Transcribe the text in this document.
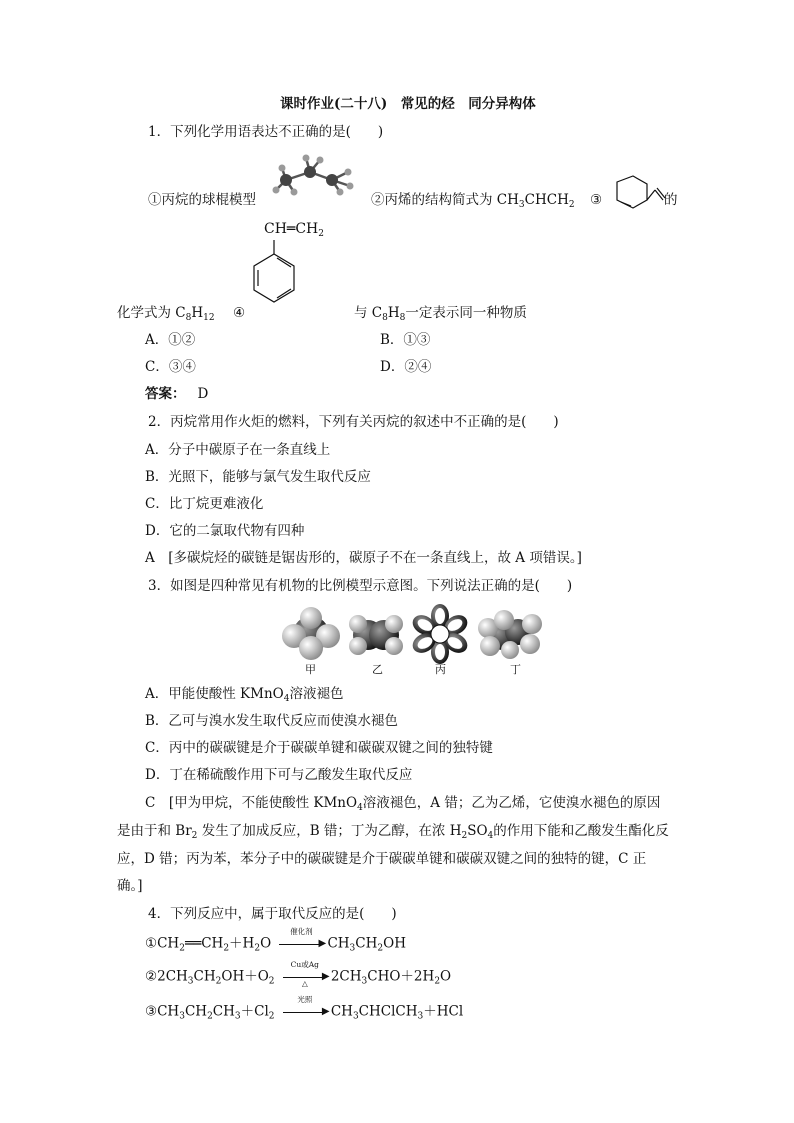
课时作业(二十八)　常见的烃　同分异构体
1．下列化学用语表达不正确的是(　　)
①丙烷的球棍模型	②丙烯的结构简式为 $CH_3CHCH_2$ ③	的
$CH═CH_2$
化学式为 $C_8H_{12}$ ④	与 $C_8H_8$一定表示同一种物质
A．①②	B．①③
C．③④	D．②④
答案： D
2．丙烷常用作火炬的燃料，下列有关丙烷的叙述中不正确的是(　　)
A．分子中碳原子在一条直线上
B．光照下，能够与氯气发生取代反应
C．比丁烷更难液化
D．它的二氯取代物有四种
A　[多碳烷烃的碳链是锯齿形的，碳原子不在一条直线上，故 A 项错误。]
3．如图是四种常见有机物的比例模型示意图。下列说法正确的是(　　)
甲	乙	丙	丁
A．甲能使酸性 KMnO$_4$溶液褪色
B．乙可与溴水发生取代反应而使溴水褪色
C．丙中的碳碳键是介于碳碳单键和碳碳双键之间的独特键
D．丁在稀硫酸作用下可与乙酸发生取代反应
C　[甲为甲烷，不能使酸性 KMnO$_4$溶液褪色，A 错；乙为乙烯，它使溴水褪色的原因
是由于和 $Br_2$ 发生了加成反应，B 错；丁为乙醇，在浓 $H_2SO_4$的作用下能和乙酸发生酯化反
应，D 错；丙为苯，苯分子中的碳碳键是介于碳碳单键和碳碳双键之间的独特的键，C 正
确。]
4．下列反应中，属于取代反应的是(　　)
$①CH_2══CH_2+H_2O$
催化剂
▶ $CH_3CH_2OH$
$②2CH_3CH_2OH+O_2$
Cu或Ag
▶
△	$2CH_3CHO+2H_2O$
$③CH_3CH_2CH_3+Cl_2$
光照
▶ $CH_3CHClCH_3+HCl$
